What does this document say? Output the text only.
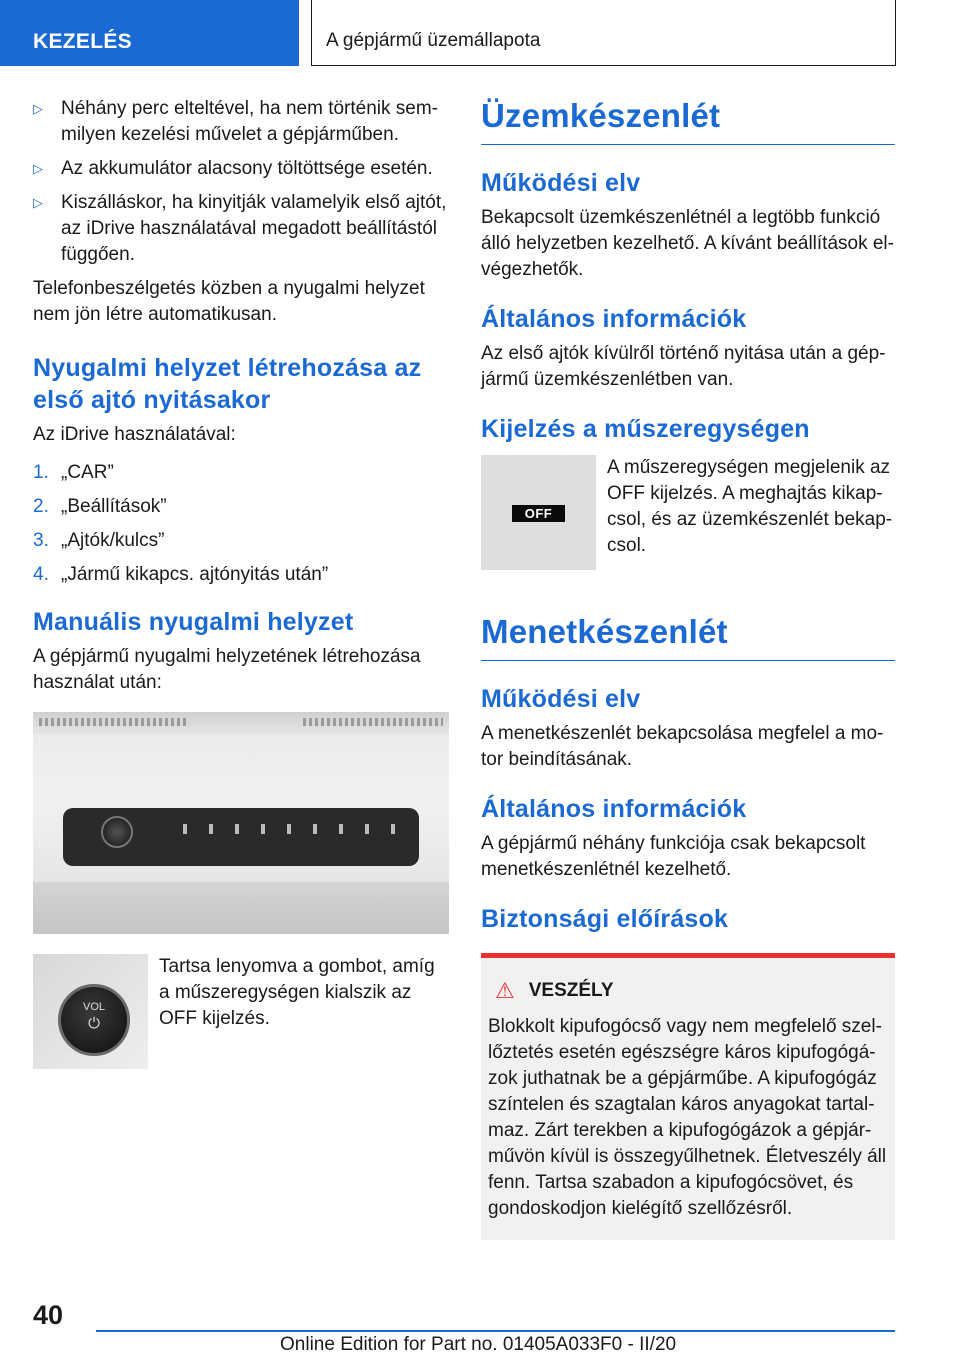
KEZELÉS	A gépjármű üzemállapota
▷ Néhány perc elteltével, ha nem történik sem‐ milyen kezelési művelet a gépjárműben.
▷ Az akkumulátor alacsony töltöttsége esetén.
▷ Kiszálláskor, ha kinyitják valamelyik első ajtót, az iDrive használatával megadott beállítástól függően.

Telefonbeszélgetés közben a nyugalmi helyzet nem jön létre automatikusan.

Nyugalmi helyzet létrehozása az első ajtó nyitásakor

Az iDrive használatával:

1. „CAR”
2. „Beállítások”
3. „Ajtók/kulcs”
4. „Jármű kikapcs. ajtónyitás után”
Manuális nyugalmi helyzet

A gépjármű nyugalmi helyzetének létrehozása használat után:

VOL
⏻
Tartsa lenyomva a gombot, amíg a műszeregységen kialszik az OFF kijelzés.
Üzemkészenlét
Működési elv

Bekapcsolt üzemkészenlétnél a legtöbb funkció álló helyzetben kezelhető. A kívánt beállítások el‐ végezhetők.

Általános információk

Az első ajtók kívülről történő nyitása után a gép‐ jármű üzemkészenlétben van.

Kijelzés a műszeregységen
OFF
A műszeregységen megjelenik az OFF kijelzés. A meghajtás kikap‐ csol, és az üzemkészenlét bekap‐ csol.
Menetkészenlét
Működési elv

A menetkészenlét bekapcsolása megfelel a mo‐ tor beindításának.

Általános információk

A gépjármű néhány funkciója csak bekapcsolt menetkészenlétnél kezelhető.

Biztonsági előírások
⚠ VESZÉLY

Blokkolt kipufogócső vagy nem megfelelő szel‐ lőztetés esetén egészségre káros kipufogógá‐ zok juthatnak be a gépjárműbe. A kipufogógáz színtelen és szagtalan káros anyagokat tartal‐ maz. Zárt terekben a kipufogógázok a gépjár‐ művön kívül is összegyűlhetnek. Életveszély áll fenn. Tartsa szabadon a kipufogócsövet, és gondoskodjon kielégítő szellőzésről.

40
Online Edition for Part no. 01405A033F0 - II/20
